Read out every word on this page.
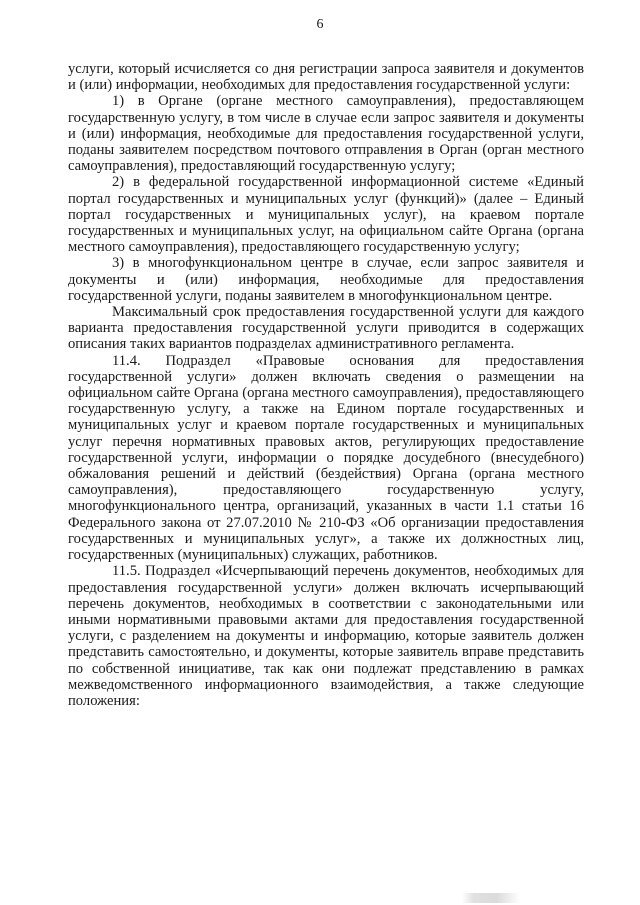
6

услуги, который исчисляется со дня регистрации запроса заявителя и документов и (или) информации, необходимых для предоставления государственной услуги:

1) в Органе (органе местного самоуправления), предоставляющем государственную услугу, в том числе в случае если запрос заявителя и документы и (или) информация, необходимые для предоставления государственной услуги, поданы заявителем посредством почтового отправления в Орган (орган местного самоуправления), предоставляющий государственную услугу;

2) в федеральной государственной информационной системе «Единый портал государственных и муниципальных услуг (функций)» (далее – Единый портал государственных и муниципальных услуг), на краевом портале государственных и муниципальных услуг, на официальном сайте Органа (органа местного самоуправления), предоставляющего государственную услугу;

3) в многофункциональном центре в случае, если запрос заявителя и документы и (или) информация, необходимые для предоставления государственной услуги, поданы заявителем в многофункциональном центре.

Максимальный срок предоставления государственной услуги для каждого варианта предоставления государственной услуги приводится в содержащих описания таких вариантов подразделах административного регламента.

11.4. Подраздел «Правовые основания для предоставления государственной услуги» должен включать сведения о размещении на официальном сайте Органа (органа местного самоуправления), предоставляющего государственную услугу, а также на Едином портале государственных и муниципальных услуг и краевом портале государственных и муниципальных услуг перечня нормативных правовых актов, регулирующих предоставление государственной услуги, информации о порядке досудебного (внесудебного) обжалования решений и действий (бездействия) Органа (органа местного самоуправления), предоставляющего государственную услугу, многофункционального центра, организаций, указанных в части 1.1 статьи 16 Федерального закона от 27.07.2010 № 210-ФЗ «Об организации предоставления государственных и муниципальных услуг», а также их должностных лиц, государственных (муниципальных) служащих, работников.

11.5. Подраздел «Исчерпывающий перечень документов, необходимых для предоставления государственной услуги» должен включать исчерпывающий перечень документов, необходимых в соответствии с законодательными или иными нормативными правовыми актами для предоставления государственной услуги, с разделением на документы и информацию, которые заявитель должен представить самостоятельно, и документы, которые заявитель вправе представить по собственной инициативе, так как они подлежат представлению в рамках межведомственного информационного взаимодействия, а также следующие положения:
